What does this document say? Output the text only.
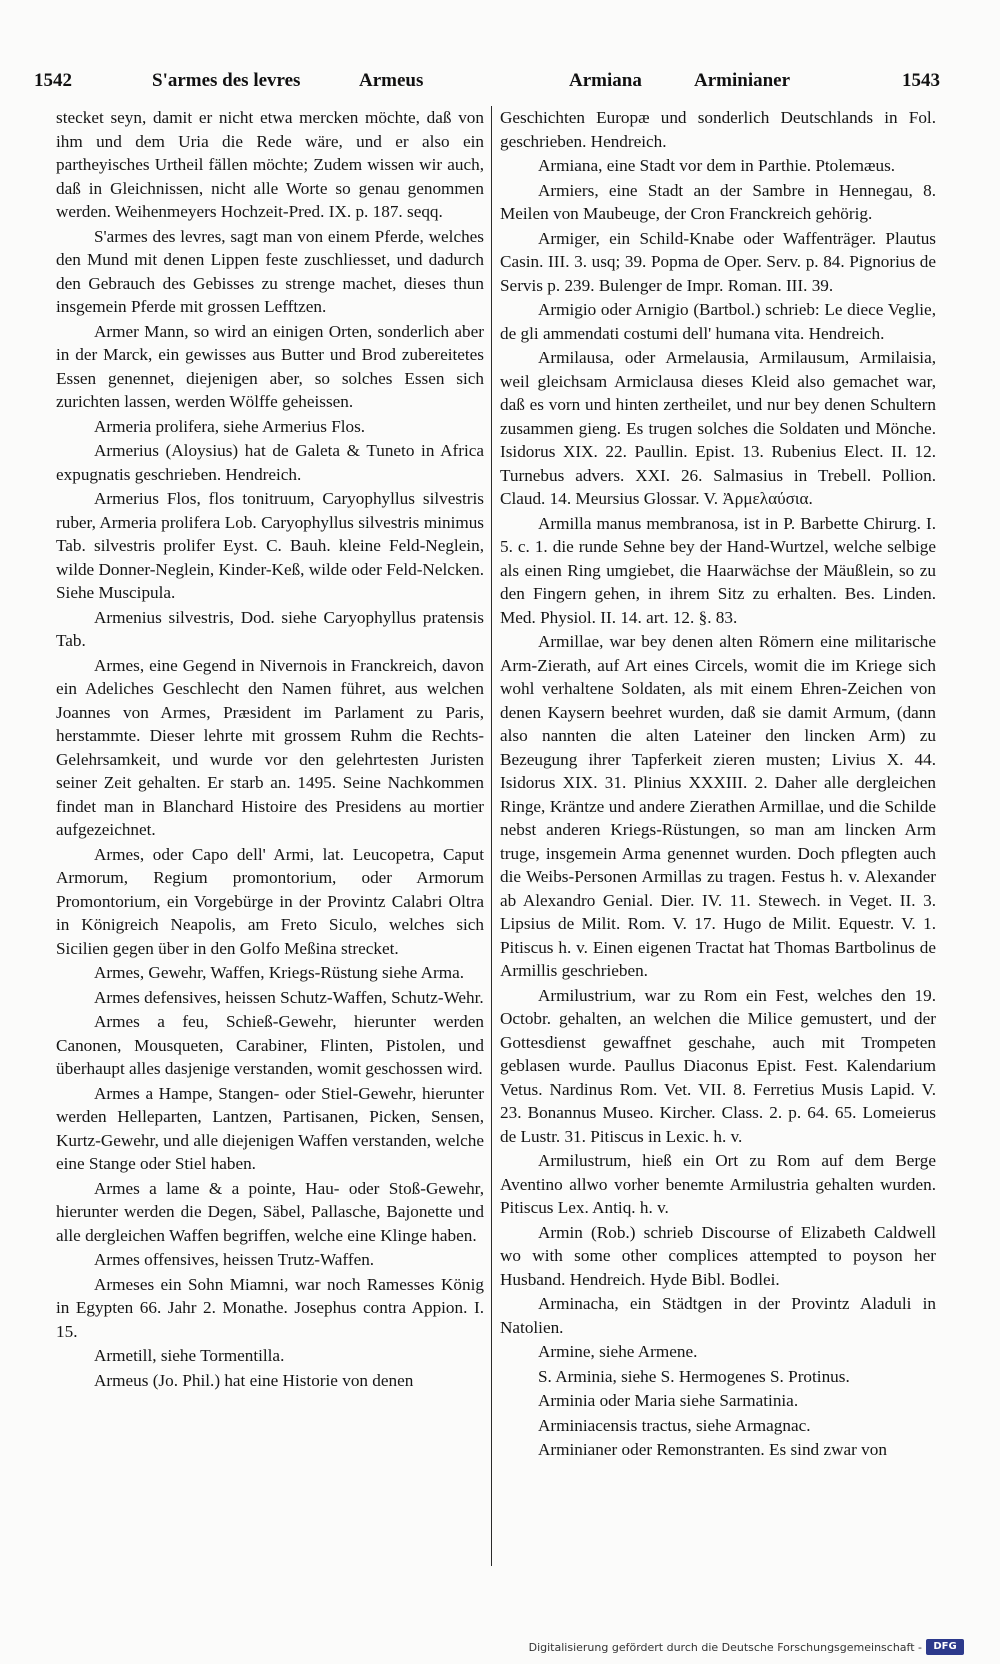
1542	S'armes des levres	Armeus	Armiana	Arminianer	1543

stecket seyn, damit er nicht etwa mercken möchte, daß von ihm und dem Uria die Rede wäre, und er also ein partheyisches Urtheil fällen möchte; Zudem wissen wir auch, daß in Gleichnissen, nicht alle Worte so genau genommen werden. Weihenmeyers Hochzeit-Pred. IX. p. 187. seqq.

S'armes des levres, sagt man von einem Pferde, welches den Mund mit denen Lippen feste zuschliesset, und dadurch den Gebrauch des Gebisses zu strenge machet, dieses thun insgemein Pferde mit grossen Lefftzen.

Armer Mann, so wird an einigen Orten, sonderlich aber in der Marck, ein gewisses aus Butter und Brod zubereitetes Essen genennet, diejenigen aber, so solches Essen sich zurichten lassen, werden Wölffe geheissen.

Armeria prolifera, siehe Armerius Flos.

Armerius (Aloysius) hat de Galeta & Tuneto in Africa expugnatis geschrieben. Hendreich.

Armerius Flos, flos tonitruum, Caryophyllus silvestris ruber, Armeria prolifera Lob. Caryophyllus silvestris minimus Tab. silvestris prolifer Eyst. C. Bauh. kleine Feld-Neglein, wilde Donner-Neglein, Kinder-Keß, wilde oder Feld-Nelcken. Siehe Muscipula.

Armenius silvestris, Dod. siehe Caryophyllus pratensis Tab.

Armes, eine Gegend in Nivernois in Franckreich, davon ein Adeliches Geschlecht den Namen führet, aus welchen Joannes von Armes, Præsident im Parlament zu Paris, herstammte. Dieser lehrte mit grossem Ruhm die Rechts-Gelehrsamkeit, und wurde vor den gelehrtesten Juristen seiner Zeit gehalten. Er starb an. 1495. Seine Nachkommen findet man in Blanchard Histoire des Presidens au mortier aufgezeichnet.

Armes, oder Capo dell' Armi, lat. Leucopetra, Caput Armorum, Regium promontorium, oder Armorum Promontorium, ein Vorgebürge in der Provintz Calabri Oltra in Königreich Neapolis, am Freto Siculo, welches sich Sicilien gegen über in den Golfo Meßina strecket.

Armes, Gewehr, Waffen, Kriegs-Rüstung siehe Arma.

Armes defensives, heissen Schutz-Waffen, Schutz-Wehr.

Armes a feu, Schieß-Gewehr, hierunter werden Canonen, Mousqueten, Carabiner, Flinten, Pistolen, und überhaupt alles dasjenige verstanden, womit geschossen wird.

Armes a Hampe, Stangen- oder Stiel-Gewehr, hierunter werden Helleparten, Lantzen, Partisanen, Picken, Sensen, Kurtz-Gewehr, und alle diejenigen Waffen verstanden, welche eine Stange oder Stiel haben.

Armes a lame & a pointe, Hau- oder Stoß-Gewehr, hierunter werden die Degen, Säbel, Pallasche, Bajonette und alle dergleichen Waffen begriffen, welche eine Klinge haben.

Armes offensives, heissen Trutz-Waffen.

Armeses ein Sohn Miamni, war noch Ramesses König in Egypten 66. Jahr 2. Monathe. Josephus contra Appion. I. 15.

Armetill, siehe Tormentilla.

Armeus (Jo. Phil.) hat eine Historie von denen

Geschichten Europæ und sonderlich Deutschlands in Fol. geschrieben. Hendreich.

Armiana, eine Stadt vor dem in Parthie. Ptolemæus.

Armiers, eine Stadt an der Sambre in Hennegau, 8. Meilen von Maubeuge, der Cron Franckreich gehörig.

Armiger, ein Schild-Knabe oder Waffenträger. Plautus Casin. III. 3. usq; 39. Popma de Oper. Serv. p. 84. Pignorius de Servis p. 239. Bulenger de Impr. Roman. III. 39.

Armigio oder Arnigio (Bartbol.) schrieb: Le diece Veglie, de gli ammendati costumi dell' humana vita. Hendreich.

Armilausa, oder Armelausia, Armilausum, Armilaisia, weil gleichsam Armiclausa dieses Kleid also gemachet war, daß es vorn und hinten zertheilet, und nur bey denen Schultern zusammen gieng. Es trugen solches die Soldaten und Mönche. Isidorus XIX. 22. Paullin. Epist. 13. Rubenius Elect. II. 12. Turnebus advers. XXI. 26. Salmasius in Trebell. Pollion. Claud. 14. Meursius Glossar. V. Ἀρμελαύσια.

Armilla manus membranosa, ist in P. Barbette Chirurg. I. 5. c. 1. die runde Sehne bey der Hand-Wurtzel, welche selbige als einen Ring umgiebet, die Haarwächse der Mäußlein, so zu den Fingern gehen, in ihrem Sitz zu erhalten. Bes. Linden. Med. Physiol. II. 14. art. 12. §. 83.

Armillae, war bey denen alten Römern eine militarische Arm-Zierath, auf Art eines Circels, womit die im Kriege sich wohl verhaltene Soldaten, als mit einem Ehren-Zeichen von denen Kaysern beehret wurden, daß sie damit Armum, (dann also nannten die alten Lateiner den lincken Arm) zu Bezeugung ihrer Tapferkeit zieren musten; Livius X. 44. Isidorus XIX. 31. Plinius XXXIII. 2. Daher alle dergleichen Ringe, Kräntze und andere Zierathen Armillae, und die Schilde nebst anderen Kriegs-Rüstungen, so man am lincken Arm truge, insgemein Arma genennet wurden. Doch pflegten auch die Weibs-Personen Armillas zu tragen. Festus h. v. Alexander ab Alexandro Genial. Dier. IV. 11. Stewech. in Veget. II. 3. Lipsius de Milit. Rom. V. 17. Hugo de Milit. Equestr. V. 1. Pitiscus h. v. Einen eigenen Tractat hat Thomas Bartbolinus de Armillis geschrieben.

Armilustrium, war zu Rom ein Fest, welches den 19. Octobr. gehalten, an welchen die Milice gemustert, und der Gottesdienst gewaffnet geschahe, auch mit Trompeten geblasen wurde. Paullus Diaconus Epist. Fest. Kalendarium Vetus. Nardinus Rom. Vet. VII. 8. Ferretius Musis Lapid. V. 23. Bonannus Museo. Kircher. Class. 2. p. 64. 65. Lomeierus de Lustr. 31. Pitiscus in Lexic. h. v.

Armilustrum, hieß ein Ort zu Rom auf dem Berge Aventino allwo vorher benemte Armilustria gehalten wurden. Pitiscus Lex. Antiq. h. v.

Armin (Rob.) schrieb Discourse of Elizabeth Caldwell wo with some other complices attempted to poyson her Husband. Hendreich. Hyde Bibl. Bodlei.

Arminacha, ein Städtgen in der Provintz Aladuli in Natolien.

Armine, siehe Armene.

S. Arminia, siehe S. Hermogenes S. Protinus.

Arminia oder Maria siehe Sarmatinia.

Arminiacensis tractus, siehe Armagnac.

Arminianer oder Remonstranten. Es sind zwar von

Digitalisierung gefördert durch die Deutsche Forschungsgemeinschaft -	DFG
